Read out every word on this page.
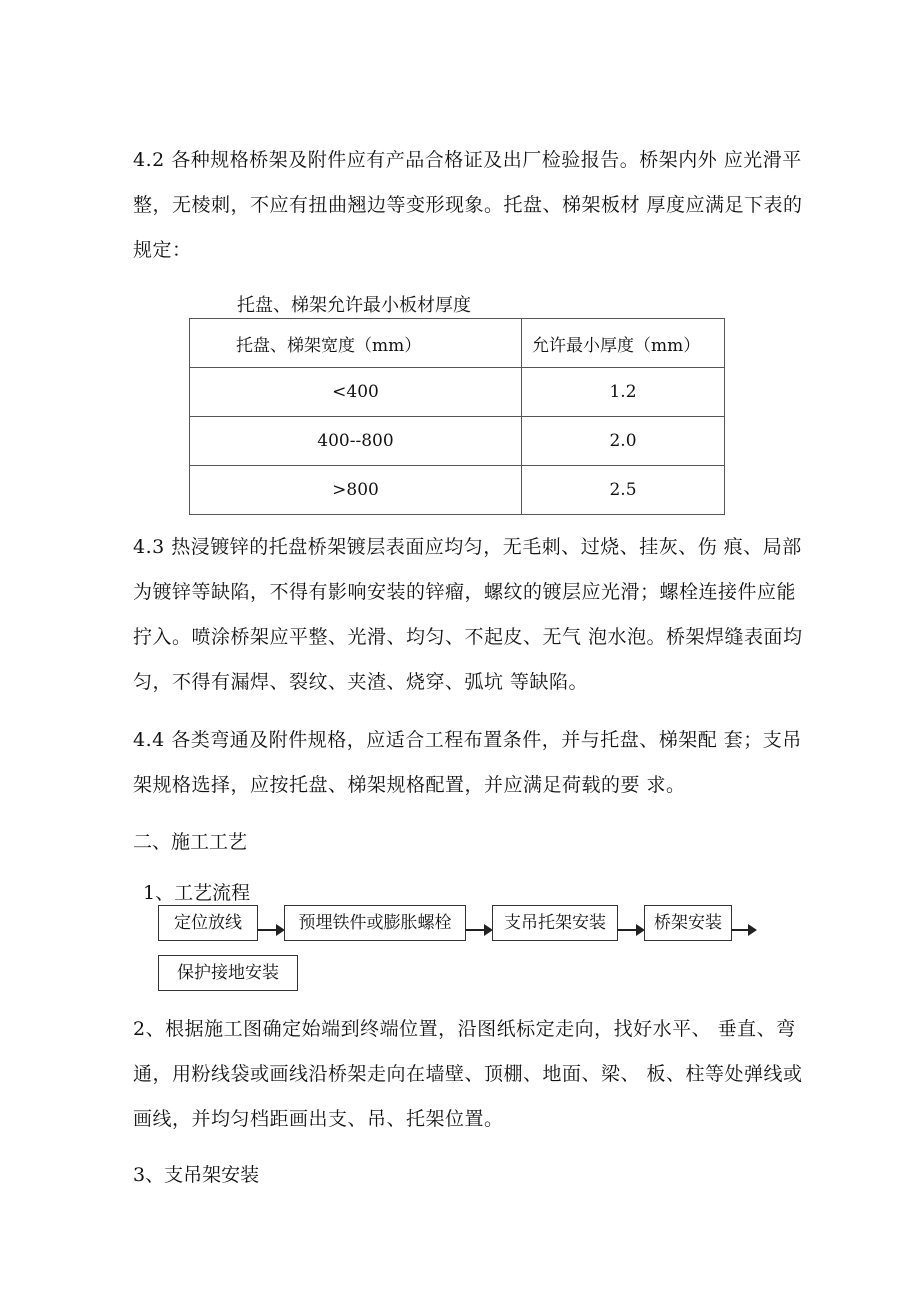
4.2 各种规格桥架及附件应有产品合格证及出厂检验报告。桥架内外 应光滑平
整，无棱刺，不应有扭曲翘边等变形现象。托盘、梯架板材 厚度应满足下表的
规定：
托盘、梯架允许最小板材厚度
托盘、梯架宽度（mm）	允许最小厚度（mm）
<400	1.2
400--800	2.0
>800	2.5
4.3 热浸镀锌的托盘桥架镀层表面应均匀，无毛刺、过烧、挂灰、伤 痕、局部
为镀锌等缺陷，不得有影响安装的锌瘤，螺纹的镀层应光滑；螺栓连接件应能
拧入。喷涂桥架应平整、光滑、均匀、不起皮、无气 泡水泡。桥架焊缝表面均
匀，不得有漏焊、裂纹、夹渣、烧穿、弧坑 等缺陷。
4.4 各类弯通及附件规格，应适合工程布置条件，并与托盘、梯架配 套；支吊
架规格选择，应按托盘、梯架规格配置，并应满足荷载的要 求。
二、施工工艺
1、工艺流程
定位放线	预埋铁件或膨胀螺栓	支吊托架安装	桥架安装
保护接地安装
2、根据施工图确定始端到终端位置，沿图纸标定走向，找好水平、 垂直、弯
通，用粉线袋或画线沿桥架走向在墙壁、顶棚、地面、梁、 板、柱等处弹线或
画线，并均匀档距画出支、吊、托架位置。
3、支吊架安装
